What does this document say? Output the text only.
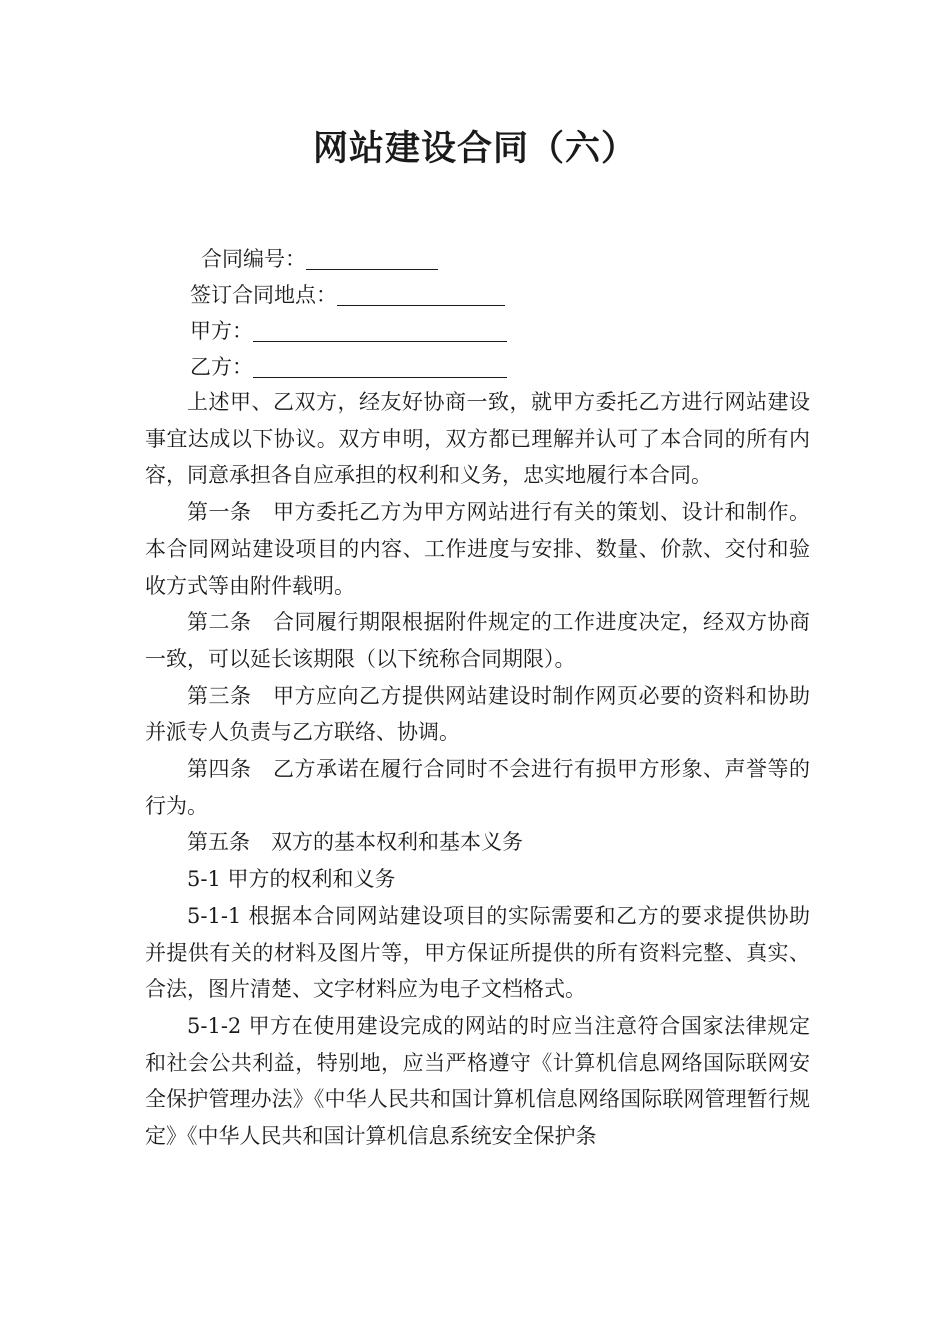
网站建设合同（六）
合同编号：
签订合同地点：
甲方：
乙方：

上述甲、乙双方，经友好协商一致，就甲方委托乙方进行网站建设事宜达成以下协议。双方申明，双方都已理解并认可了本合同的所有内容，同意承担各自应承担的权利和义务，忠实地履行本合同。

第一条　甲方委托乙方为甲方网站进行有关的策划、设计和制作。本合同网站建设项目的内容、工作进度与安排、数量、价款、交付和验收方式等由附件载明。

第二条　合同履行期限根据附件规定的工作进度决定，经双方协商一致，可以延长该期限（以下统称合同期限）。

第三条　甲方应向乙方提供网站建设时制作网页必要的资料和协助并派专人负责与乙方联络、协调。

第四条　乙方承诺在履行合同时不会进行有损甲方形象、声誉等的行为。

第五条　双方的基本权利和基本义务

5-1 甲方的权利和义务

5-1-1 根据本合同网站建设项目的实际需要和乙方的要求提供协助并提供有关的材料及图片等，甲方保证所提供的所有资料完整、真实、合法，图片清楚、文字材料应为电子文档格式。

5-1-2 甲方在使用建设完成的网站的时应当注意符合国家法律规定和社会公共利益，特别地，应当严格遵守《计算机信息网络国际联网安全保护管理办法》《中华人民共和国计算机信息网络国际联网管理暂行规定》《中华人民共和国计算机信息系统安全保护条
